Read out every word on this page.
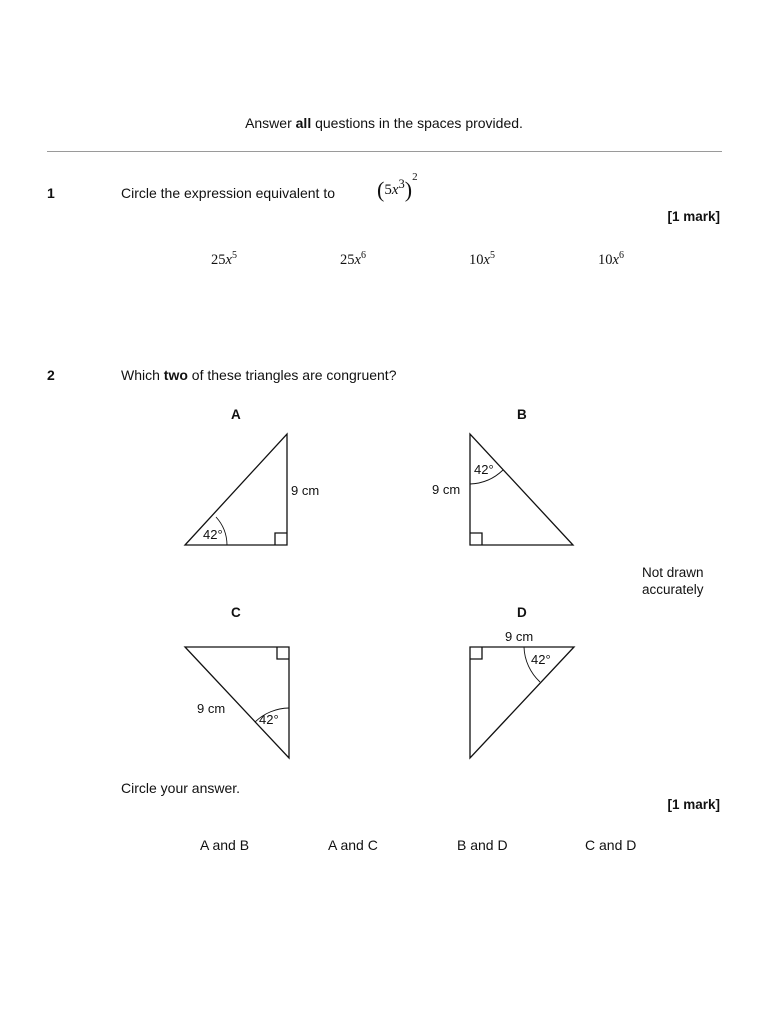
Answer all questions in the spaces provided.
1	Circle the expression equivalent to $(5x^3)^2$
[1 mark]
$25x^5$	$25x^6$	$10x^5$	$10x^6$
2	Which two of these triangles are congruent?
A	B
C	D
9 cm
42°
9 cm
42°
9 cm
42°
9 cm
42°
Not drawn
accurately
Circle your answer.
[1 mark]
A and B	A and C	B and D	C and D
